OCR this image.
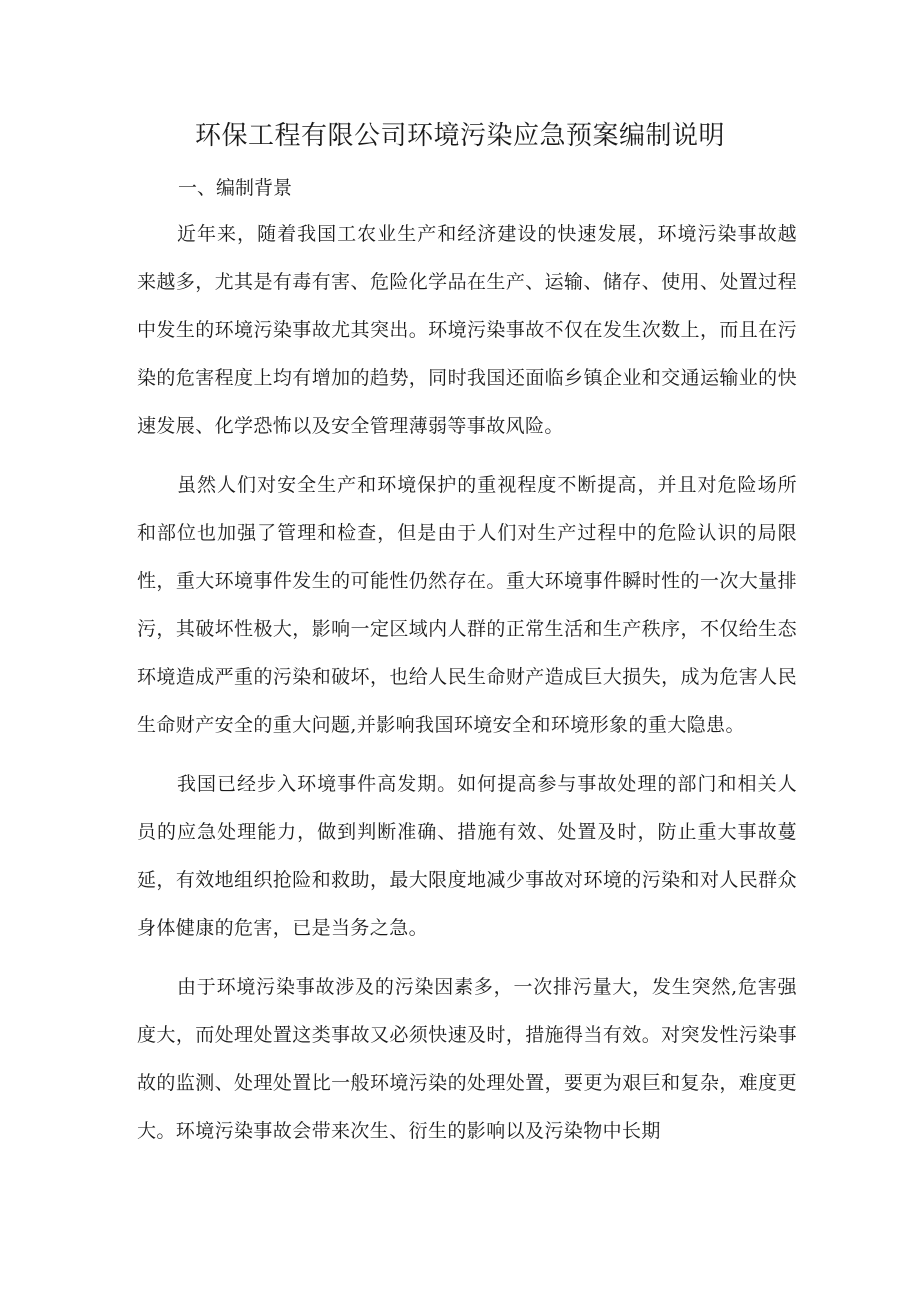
环保工程有限公司环境污染应急预案编制说明
一、编制背景

近年来，随着我国工农业生产和经济建设的快速发展，环境污染事故越来越多，尤其是有毒有害、危险化学品在生产、运输、储存、使用、处置过程中发生的环境污染事故尤其突出。环境污染事故不仅在发生次数上，而且在污染的危害程度上均有增加的趋势，同时我国还面临乡镇企业和交通运输业的快速发展、化学恐怖以及安全管理薄弱等事故风险。

虽然人们对安全生产和环境保护的重视程度不断提高，并且对危险场所和部位也加强了管理和检查，但是由于人们对生产过程中的危险认识的局限性，重大环境事件发生的可能性仍然存在。重大环境事件瞬时性的一次大量排污，其破坏性极大，影响一定区域内人群的正常生活和生产秩序，不仅给生态环境造成严重的污染和破坏，也给人民生命财产造成巨大损失，成为危害人民生命财产安全的重大问题,并影响我国环境安全和环境形象的重大隐患。

我国已经步入环境事件高发期。如何提高参与事故处理的部门和相关人员的应急处理能力，做到判断准确、措施有效、处置及时，防止重大事故蔓延，有效地组织抢险和救助，最大限度地减少事故对环境的污染和对人民群众身体健康的危害，已是当务之急。

由于环境污染事故涉及的污染因素多，一次排污量大，发生突然,危害强度大，而处理处置这类事故又必须快速及时，措施得当有效。对突发性污染事故的监测、处理处置比一般环境污染的处理处置，要更为艰巨和复杂，难度更大。环境污染事故会带来次生、衍生的影响以及污染物中长期
